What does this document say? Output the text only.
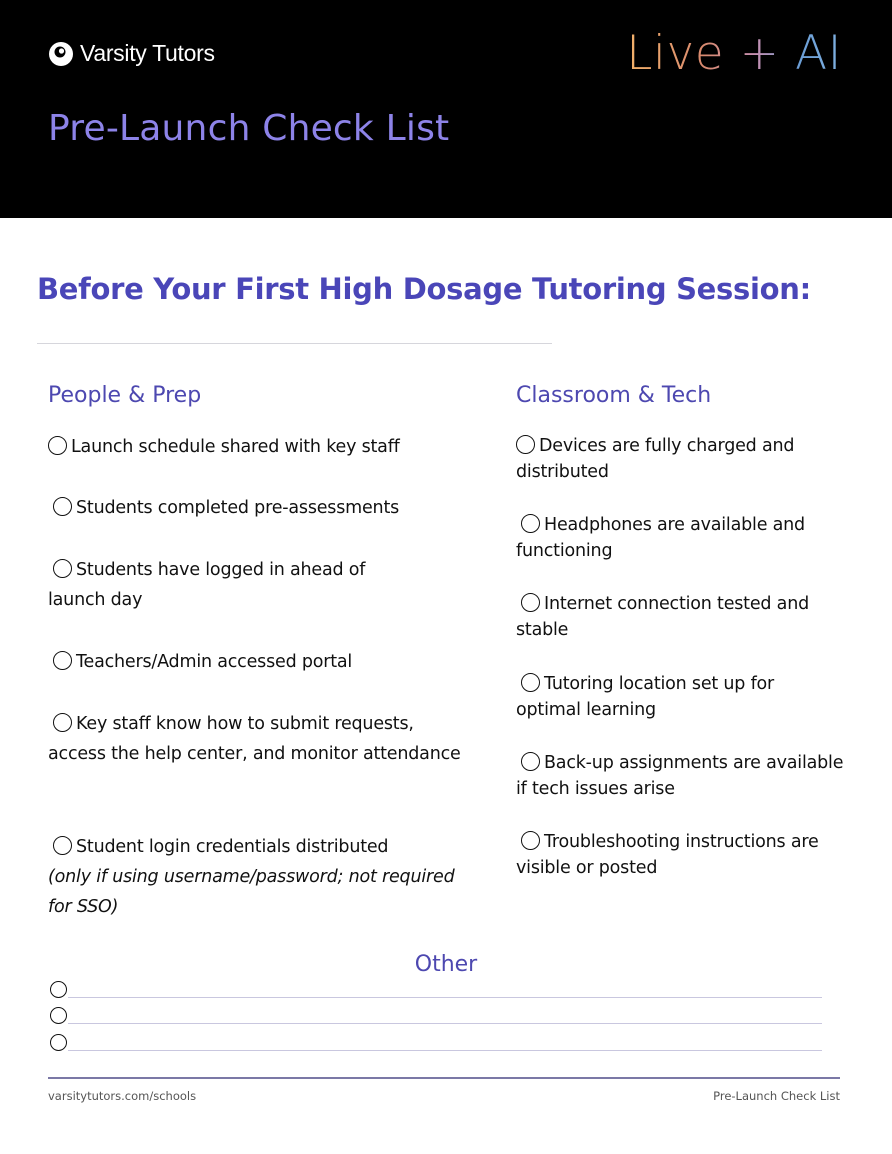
Varsity Tutors	Live + AI
Pre-Launch Check List
Before Your First High Dosage Tutoring Session:
People & Prep	Classroom & Tech
Launch schedule shared with key staff
Students completed pre-assessments
Students have logged in ahead of launch day
Teachers/Admin accessed portal
Key staff know how to submit requests, access the help center, and monitor attendance
Student login credentials distributed
(only if using username/password; not required for SSO)
Devices are fully charged and distributed
Headphones are available and functioning
Internet connection tested and stable
Tutoring location set up for optimal learning
Back-up assignments are available if tech issues arise
Troubleshooting instructions are visible or posted
Other
varsitytutors.com/schools	Pre-Launch Check List
